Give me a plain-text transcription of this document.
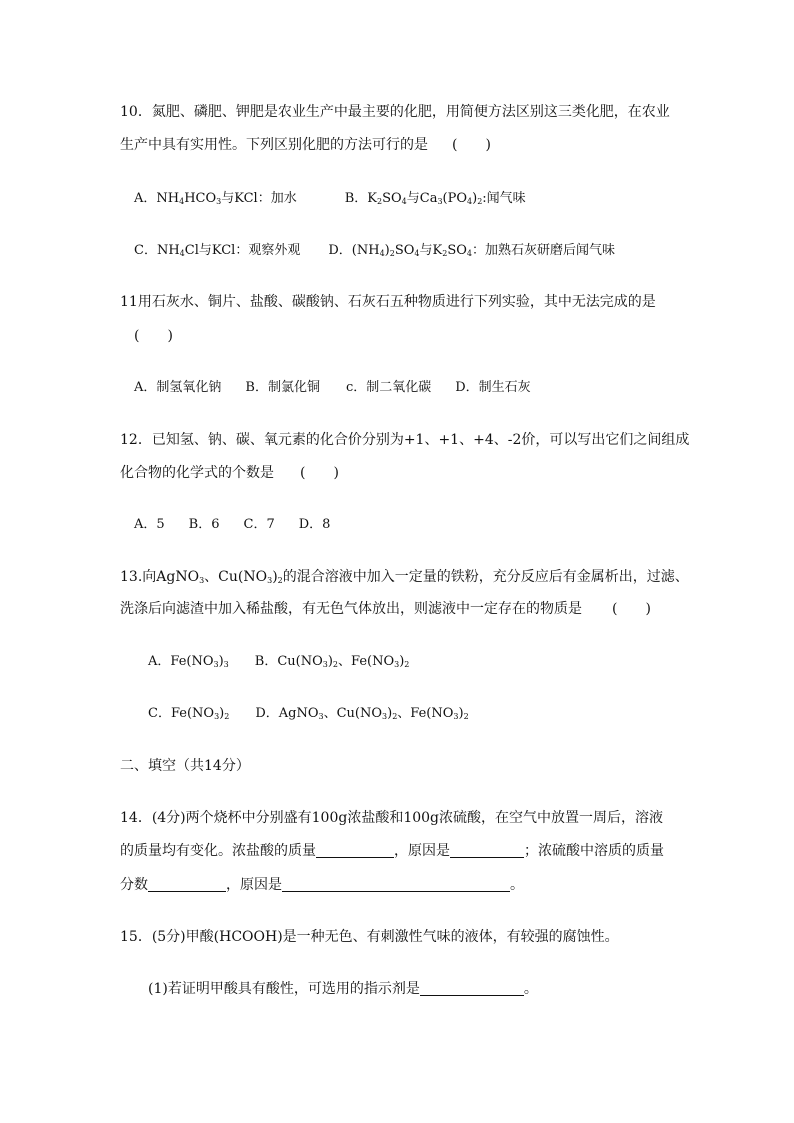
10．氮肥、磷肥、钾肥是农业生产中最主要的化肥，用简便方法区别这三类化肥，在农业
生产中具有实用性。下列区别化肥的方法可行的是 (　　)
A．$NH_4HCO_3$与KCl：加水	B．$K_2SO_4$与$Ca_3(PO_4)_2$:闻气味
C．$NH_4Cl$与KCl：观察外观 D．$(NH_4)_2SO_4$与$K_2SO_4$：加熟石灰研磨后闻气味
11用石灰水、铜片、盐酸、碳酸钠、石灰石五种物质进行下列实验，其中无法完成的是
(　　)
A．制氢氧化钠 B．制氯化铜 c．制二氧化碳 D．制生石灰
12．已知氢、钠、碳、氧元素的化合价分别为+1、+1、+4、-2价，可以写出它们之间组成
化合物的化学式的个数是 (　　)
A．5 B．6 C．7 D．8
13.向AgNO$_3$、$Cu(NO_3)_2$的混合溶液中加入一定量的铁粉，充分反应后有金属析出，过滤、
洗涤后向滤渣中加入稀盐酸，有无色气体放出，则滤液中一定存在的物质是 (　　)
A．$Fe(NO_3)_3$ B．$Cu(NO_3)_2$、$Fe(NO_3)_2$
C．$Fe(NO_3)_2$ D．AgNO$_3$、$Cu(NO_3)_2$、$Fe(NO_3)_2$
二、填空（共14分）
14．(4分)两个烧杯中分别盛有100g浓盐酸和100g浓硫酸，在空气中放置一周后，溶液
的质量均有变化。浓盐酸的质量	，原因是	；浓硫酸中溶质的质量
分数	，原因是	。
15．(5分)甲酸(HCOOH)是一种无色、有刺激性气味的液体，有较强的腐蚀性。
(1)若证明甲酸具有酸性，可选用的指示剂是	。
